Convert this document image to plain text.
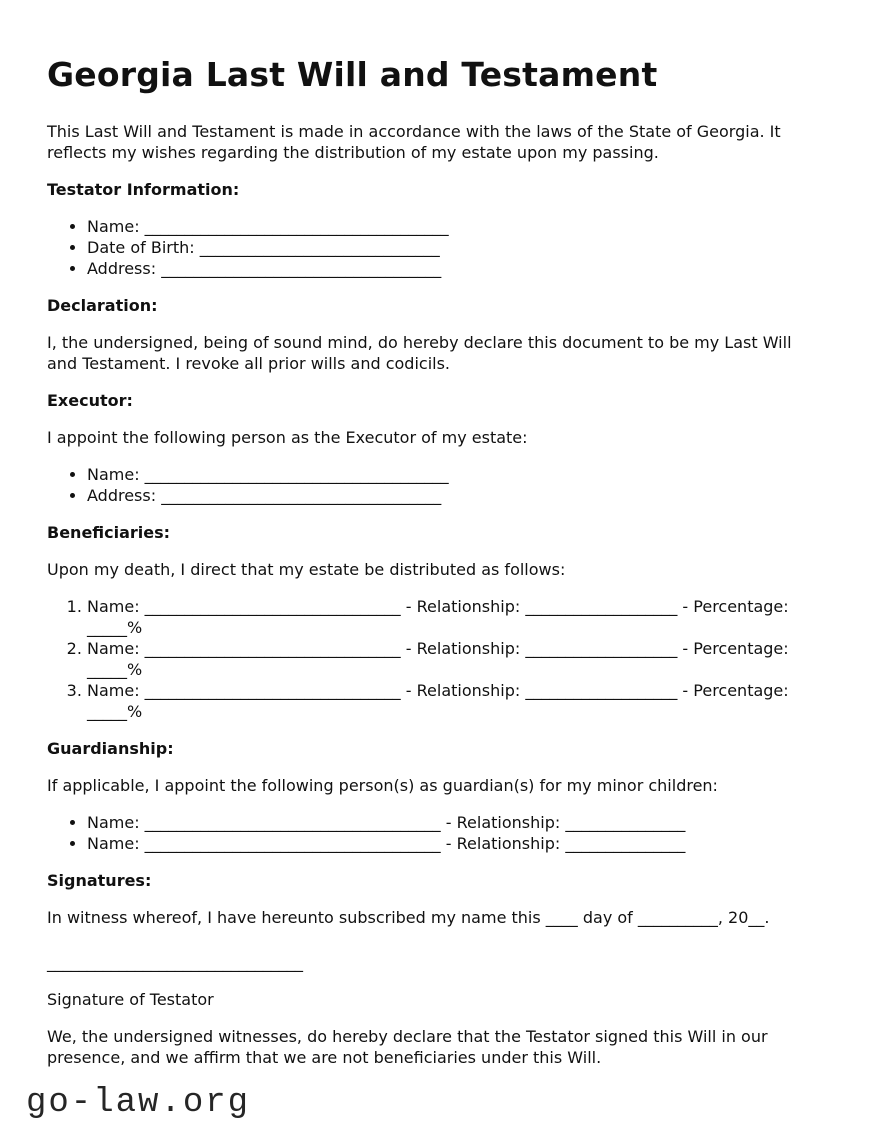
Georgia Last Will and Testament

This Last Will and Testament is made in accordance with the laws of the State of Georgia. It reflects my wishes regarding the distribution of my estate upon my passing.

Testator Information:

• Name: ______________________________________
• Date of Birth: ______________________________
• Address: ___________________________________

Declaration:

I, the undersigned, being of sound mind, do hereby declare this document to be my Last Will and Testament. I revoke all prior wills and codicils.

Executor:

I appoint the following person as the Executor of my estate:

• Name: ______________________________________
• Address: ___________________________________

Beneficiaries:

Upon my death, I direct that my estate be distributed as follows:

1. Name: ________________________________ - Relationship: ___________________ - Percentage:
_____%
2. Name: ________________________________ - Relationship: ___________________ - Percentage:
_____%
3. Name: ________________________________ - Relationship: ___________________ - Percentage:
_____%

Guardianship:

If applicable, I appoint the following person(s) as guardian(s) for my minor children:

• Name: _____________________________________ - Relationship: _______________
• Name: _____________________________________ - Relationship: _______________

Signatures:

In witness whereof, I have hereunto subscribed my name this ____ day of __________, 20__.

________________________________

Signature of Testator

We, the undersigned witnesses, do hereby declare that the Testator signed this Will in our presence, and we affirm that we are not beneficiaries under this Will.

go-law.org
